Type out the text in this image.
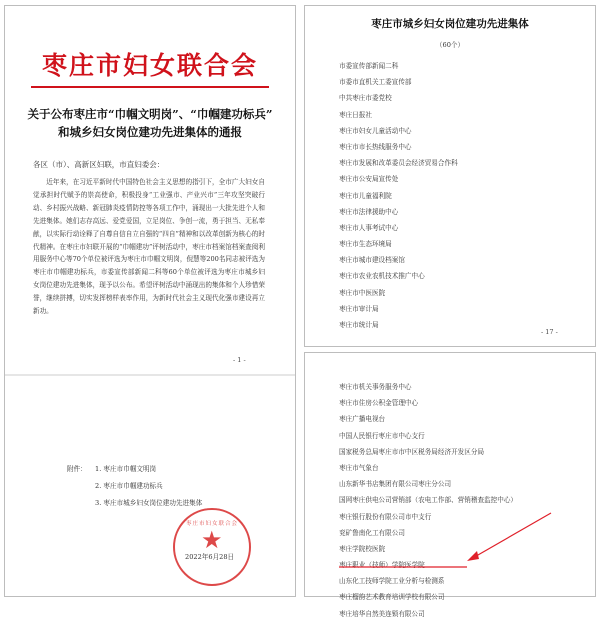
枣庄市妇女联合会
关于公布枣庄市“巾帼文明岗”、“巾帼建功标兵”
和城乡妇女岗位建功先进集体的通报
各区（市）、高新区妇联，市直妇委会：
近年来，在习近平新时代中国特色社会主义思想的指引下，全市广大妇女自觉承担时代赋予的崇高使命，积极投身“工业强市、产业兴市”三年攻坚突破行动、乡村振兴战略、新冠肺炎疫情防控等各项工作中，涌现出一大批先进个人和先进集体。她们志存高远、爱党爱国，立足岗位、争创一流，勇于担当、无私奉献，以实际行动诠释了自尊自信自立自强的“四自”精神和以改革创新为核心的时代精神。在枣庄市妇联开展的“巾帼建功”评树活动中，枣庄市档案馆档案查阅利用服务中心等70个单位被评选为枣庄市巾帼文明岗，倪慧等200名同志被评选为枣庄市巾帼建功标兵，市委宣传部新闻二科等60个单位被评选为枣庄市城乡妇女岗位建功先进集体，现予以公布。希望评树活动中涌现出的集体和个人珍惜荣誉，继续拼搏，切实发挥榜样表率作用，为新时代社会主义现代化强市建设再立新功。
- 1 -
附件： 1. 枣庄市巾帼文明岗
2. 枣庄市巾帼建功标兵
3. 枣庄市城乡妇女岗位建功先进集体
枣庄市妇女联合会
★
2022年6月28日
枣庄市城乡妇女岗位建功先进集体
（60个）
市委宣传部新闻二科
市委市直机关工委宣传部
中共枣庄市委党校
枣庄日报社
枣庄市妇女儿童活动中心
枣庄市市长热线服务中心
枣庄市发展和改革委员会经济贸易合作科
枣庄市公安局宣传处
枣庄市儿童福利院
枣庄市法律援助中心
枣庄市人事考试中心
枣庄市生态环境局
枣庄市城市建设档案馆
枣庄市农业农机技术推广中心
枣庄市中医医院
枣庄市审计局
枣庄市统计局
- 17 -
枣庄市机关事务服务中心
枣庄市住房公积金管理中心
枣庄广播电视台
中国人民银行枣庄市中心支行
国家税务总局枣庄市市中区税务局经济开发区分局
枣庄市气象台
山东新华书店集团有限公司枣庄分公司
国网枣庄供电公司营销部（农电工作部、营销稽查监控中心）
枣庄银行股份有限公司市中支行
兖矿鲁南化工有限公司
枣庄学院校医院
枣庄职业（技师）学院医学院
山东化工技师学院工业分析与检测系
枣庄榴韵艺术教育培训学校有限公司
枣庄培华自然美连锁有限公司
